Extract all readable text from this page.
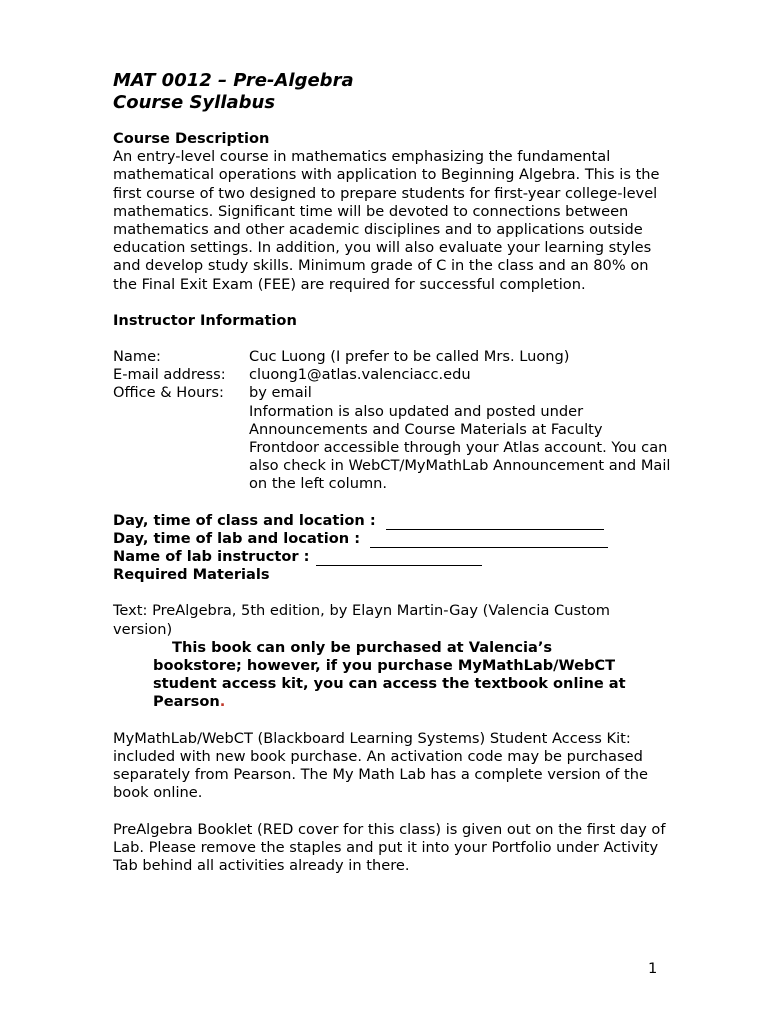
MAT 0012 – Pre-Algebra
Course Syllabus

Course Description

An entry-level course in mathematics emphasizing the fundamental mathematical operations with application to Beginning Algebra. This is the first course of two designed to prepare students for first-year college-level mathematics. Significant time will be devoted to connections between mathematics and other academic disciplines and to applications outside education settings. In addition, you will also evaluate your learning styles and develop study skills. Minimum grade of C in the class and an 80% on the Final Exit Exam (FEE) are required for successful completion.

Instructor Information

Name:	Cuc Luong (I prefer to be called Mrs. Luong)
E-mail address:	cluong1@atlas.valenciacc.edu
Office & Hours:	by email
Information is also updated and posted under Announcements and Course Materials at Faculty Frontdoor accessible through your Atlas account. You can also check in WebCT/MyMathLab Announcement and Mail on the left column.
Day, time of class and location :
Day, time of lab and location :
Name of lab instructor :

Required Materials

Text: PreAlgebra, 5th edition, by Elayn Martin-Gay (Valencia Custom version)

This book can only be purchased at Valencia’s
bookstore; however, if you purchase MyMathLab/WebCT student access kit, you can access the textbook online at Pearson.

MyMathLab/WebCT (Blackboard Learning Systems) Student Access Kit: included with new book purchase. An activation code may be purchased separately from Pearson. The My Math Lab has a complete version of the book online.

PreAlgebra Booklet (RED cover for this class) is given out on the first day of Lab. Please remove the staples and put it into your Portfolio under Activity Tab behind all activities already in there.

1
